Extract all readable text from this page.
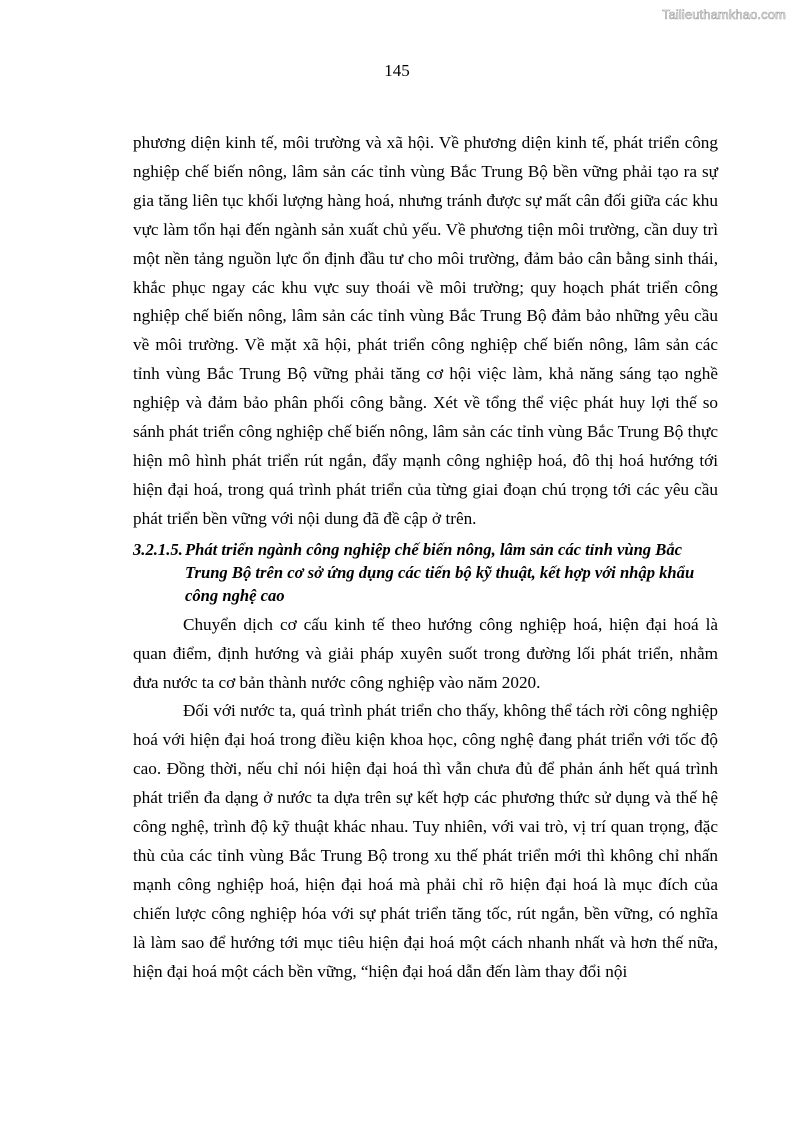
Tailieuthamkhao.com
145

phương diện kinh tế, môi trường và xã hội. Về phương diện kinh tế, phát triển công nghiệp chế biến nông, lâm sản các tỉnh vùng Bắc Trung Bộ bền vững phải tạo ra sự gia tăng liên tục khối lượng hàng hoá, nhưng tránh được sự mất cân đối giữa các khu vực làm tổn hại đến ngành sản xuất chủ yếu. Về phương tiện môi trường, cần duy trì một nền tảng nguồn lực ổn định đầu tư cho môi trường, đảm bảo cân bằng sinh thái, khắc phục ngay các khu vực suy thoái về môi trường; quy hoạch phát triển công nghiệp chế biến nông, lâm sản các tỉnh vùng Bắc Trung Bộ đảm bảo những yêu cầu về môi trường. Về mặt xã hội, phát triển công nghiệp chế biến nông, lâm sản các tỉnh vùng Bắc Trung Bộ vững phải tăng cơ hội việc làm, khả năng sáng tạo nghề nghiệp và đảm bảo phân phối công bằng. Xét về tổng thể việc phát huy lợi thế so sánh phát triển công nghiệp chế biến nông, lâm sản các tỉnh vùng Bắc Trung Bộ thực hiện mô hình phát triển rút ngắn, đẩy mạnh công nghiệp hoá, đô thị hoá hướng tới hiện đại hoá, trong quá trình phát triển của từng giai đoạn chú trọng tới các yêu cầu phát triển bền vững với nội dung đã đề cập ở trên.

3.2.1.5. Phát triển ngành công nghiệp chế biến nông, lâm sản các tỉnh vùng Bắc Trung Bộ trên cơ sở ứng dụng các tiến bộ kỹ thuật, kết hợp với nhập khẩu công nghệ cao

Chuyển dịch cơ cấu kinh tế theo hướng công nghiệp hoá, hiện đại hoá là quan điểm, định hướng và giải pháp xuyên suốt trong đường lối phát triển, nhằm đưa nước ta cơ bản thành nước công nghiệp vào năm 2020.

Đối với nước ta, quá trình phát triển cho thấy, không thể tách rời công nghiệp hoá với hiện đại hoá trong điều kiện khoa học, công nghệ đang phát triển với tốc độ cao. Đồng thời, nếu chỉ nói hiện đại hoá thì vẫn chưa đủ để phản ánh hết quá trình phát triển đa dạng ở nước ta dựa trên sự kết hợp các phương thức sử dụng và thế hệ công nghệ, trình độ kỹ thuật khác nhau. Tuy nhiên, với vai trò, vị trí quan trọng, đặc thù của các tỉnh vùng Bắc Trung Bộ trong xu thế phát triển mới thì không chỉ nhấn mạnh công nghiệp hoá, hiện đại hoá mà phải chỉ rõ hiện đại hoá là mục đích của chiến lược công nghiệp hóa với sự phát triển tăng tốc, rút ngắn, bền vững, có nghĩa là làm sao để hướng tới mục tiêu hiện đại hoá một cách nhanh nhất và hơn thế nữa, hiện đại hoá một cách bền vững, “hiện đại hoá dẫn đến làm thay đổi nội
